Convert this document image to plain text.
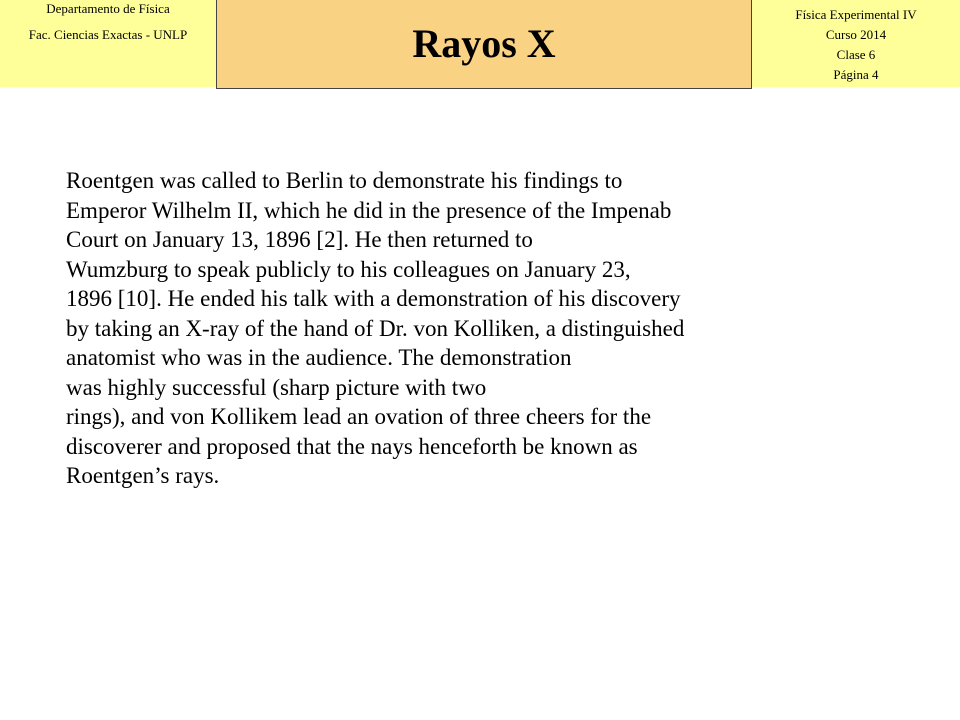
Departamento de Física
Fac. Ciencias Exactas - UNLP	Rayos X
Física Experimental IV
Curso 2014
Clase 6
Página 4
Roentgen was called to Berlin to demonstrate his findings to
Emperor Wilhelm II, which he did in the presence of the Impenab
Court on January 13, 1896 [2]. He then returned to
Wumzburg to speak publicly to his colleagues on January 23,
1896 [10]. He ended his talk with a demonstration of his discovery
by taking an X-ray of the hand of Dr. von Kolliken, a distinguished
anatomist who was in the audience. The demonstration
was highly successful (sharp picture with two
rings), and von Kollikem lead an ovation of three cheers for the
discoverer and proposed that the nays henceforth be known as
Roentgen’s rays.
